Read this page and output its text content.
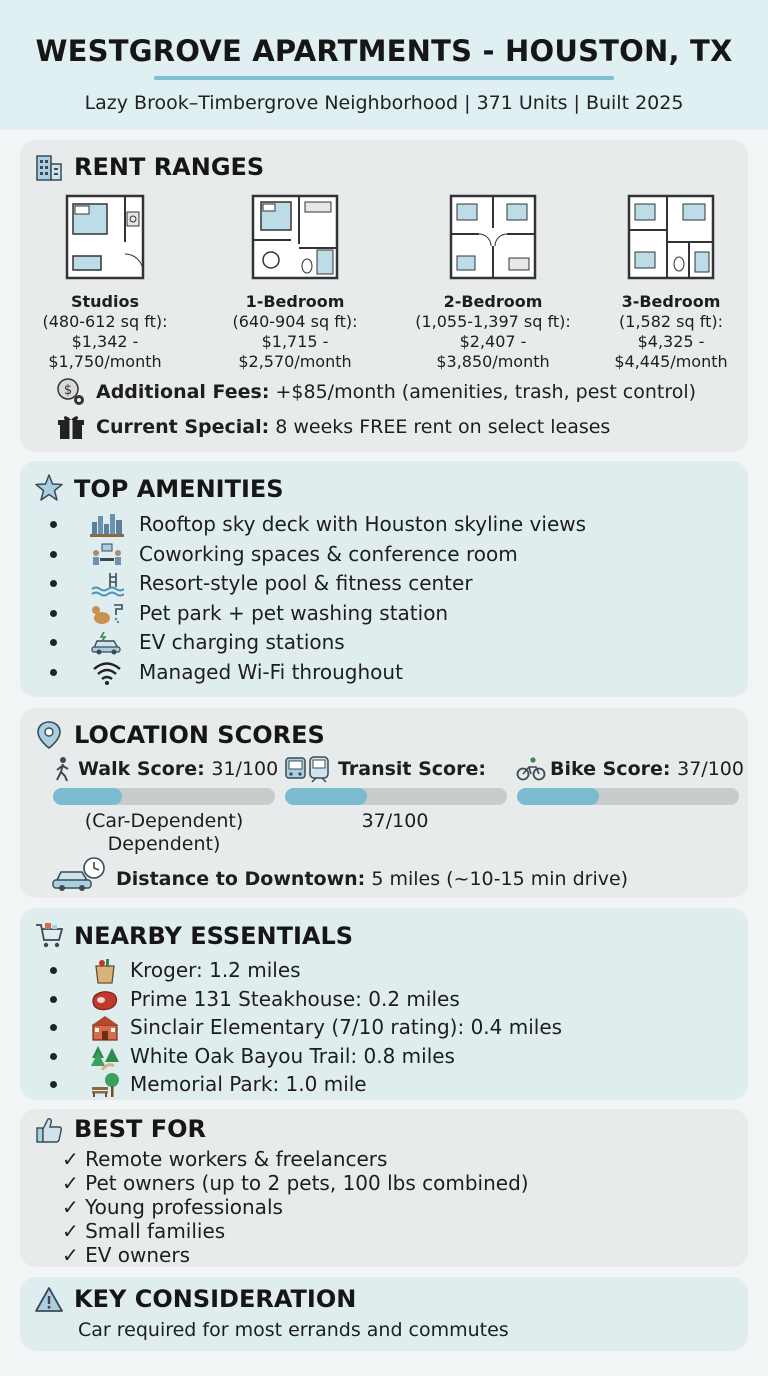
WESTGROVE APARTMENTS - HOUSTON, TX
Lazy Brook–Timbergrove Neighborhood | 371 Units | Built 2025
RENT RANGES
Studios
(480-612 sq ft):
$1,342 -
$1,750/month
1-Bedroom
(640-904 sq ft):
$1,715 -
$2,570/month
2-Bedroom
(1,055-1,397 sq ft):
$2,407 -
$3,850/month
3-Bedroom
(1,582 sq ft):
$4,325 -
$4,445/month
$ Additional Fees: +$85/month (amenities, trash, pest control)
Current Special: 8 weeks FREE rent on select leases
TOP AMENITIES
Rooftop sky deck with Houston skyline views
Coworking spaces & conference room
Resort-style pool & fitness center
Pet park + pet washing station
EV charging stations
Managed Wi-Fi throughout
LOCATION SCORES
Walk Score: 31/100
(Car-Dependent)
Dependent)
Transit Score:
37/100
Bike Score: 37/100
Distance to Downtown: 5 miles (~10-15 min drive)
NEARBY ESSENTIALS
Kroger: 1.2 miles
Prime 131 Steakhouse: 0.2 miles
Sinclair Elementary (7/10 rating): 0.4 miles
White Oak Bayou Trail: 0.8 miles
Memorial Park: 1.0 mile
BEST FOR
✓ Remote workers & freelancers
✓ Pet owners (up to 2 pets, 100 lbs combined)
✓ Young professionals
✓ Small families
✓ EV owners
KEY CONSIDERATION
Car required for most errands and commutes
